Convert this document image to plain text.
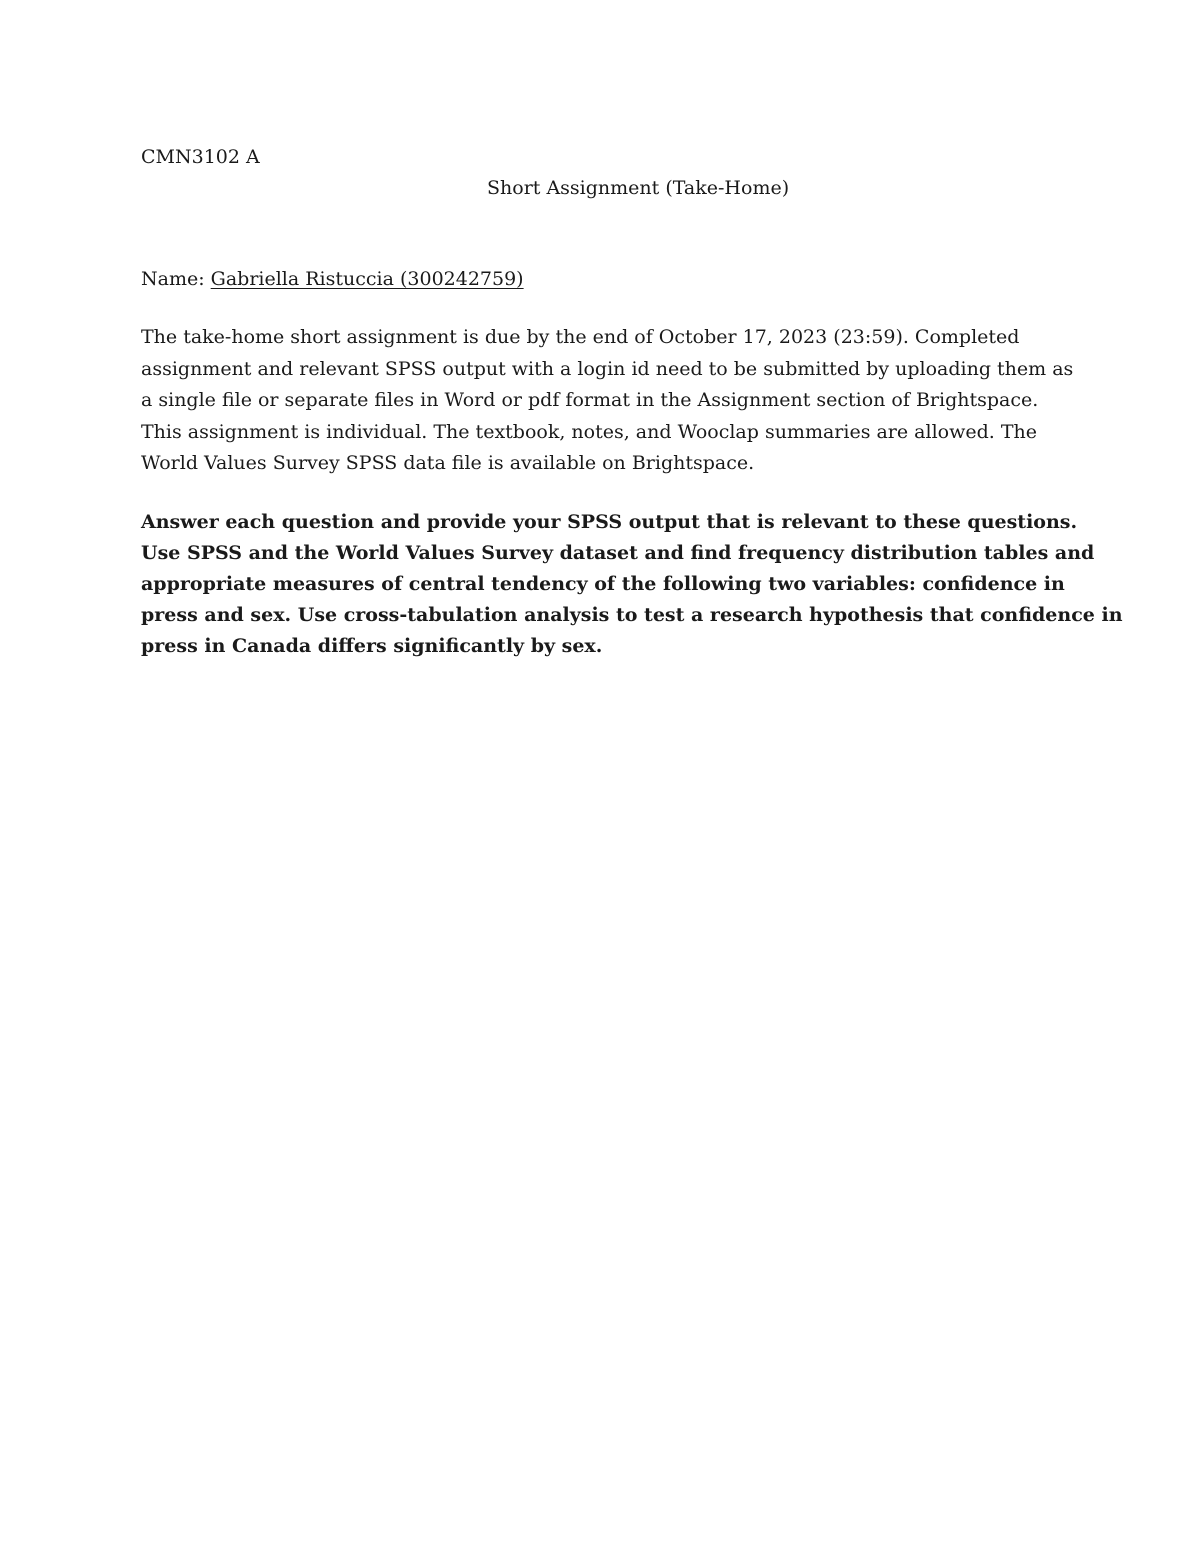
CMN3102 A
Short Assignment (Take-Home)
Name: Gabriella Ristuccia (300242759)
The take-home short assignment is due by the end of October 17, 2023 (23:59). Completed
assignment and relevant SPSS output with a login id need to be submitted by uploading them as
a single file or separate files in Word or pdf format in the Assignment section of Brightspace.
This assignment is individual. The textbook, notes, and Wooclap summaries are allowed. The
World Values Survey SPSS data file is available on Brightspace.
Answer each question and provide your SPSS output that is relevant to these questions.
Use SPSS and the World Values Survey dataset and find frequency distribution tables and
appropriate measures of central tendency of the following two variables: confidence in
press and sex. Use cross-tabulation analysis to test a research hypothesis that confidence in
press in Canada differs significantly by sex.
